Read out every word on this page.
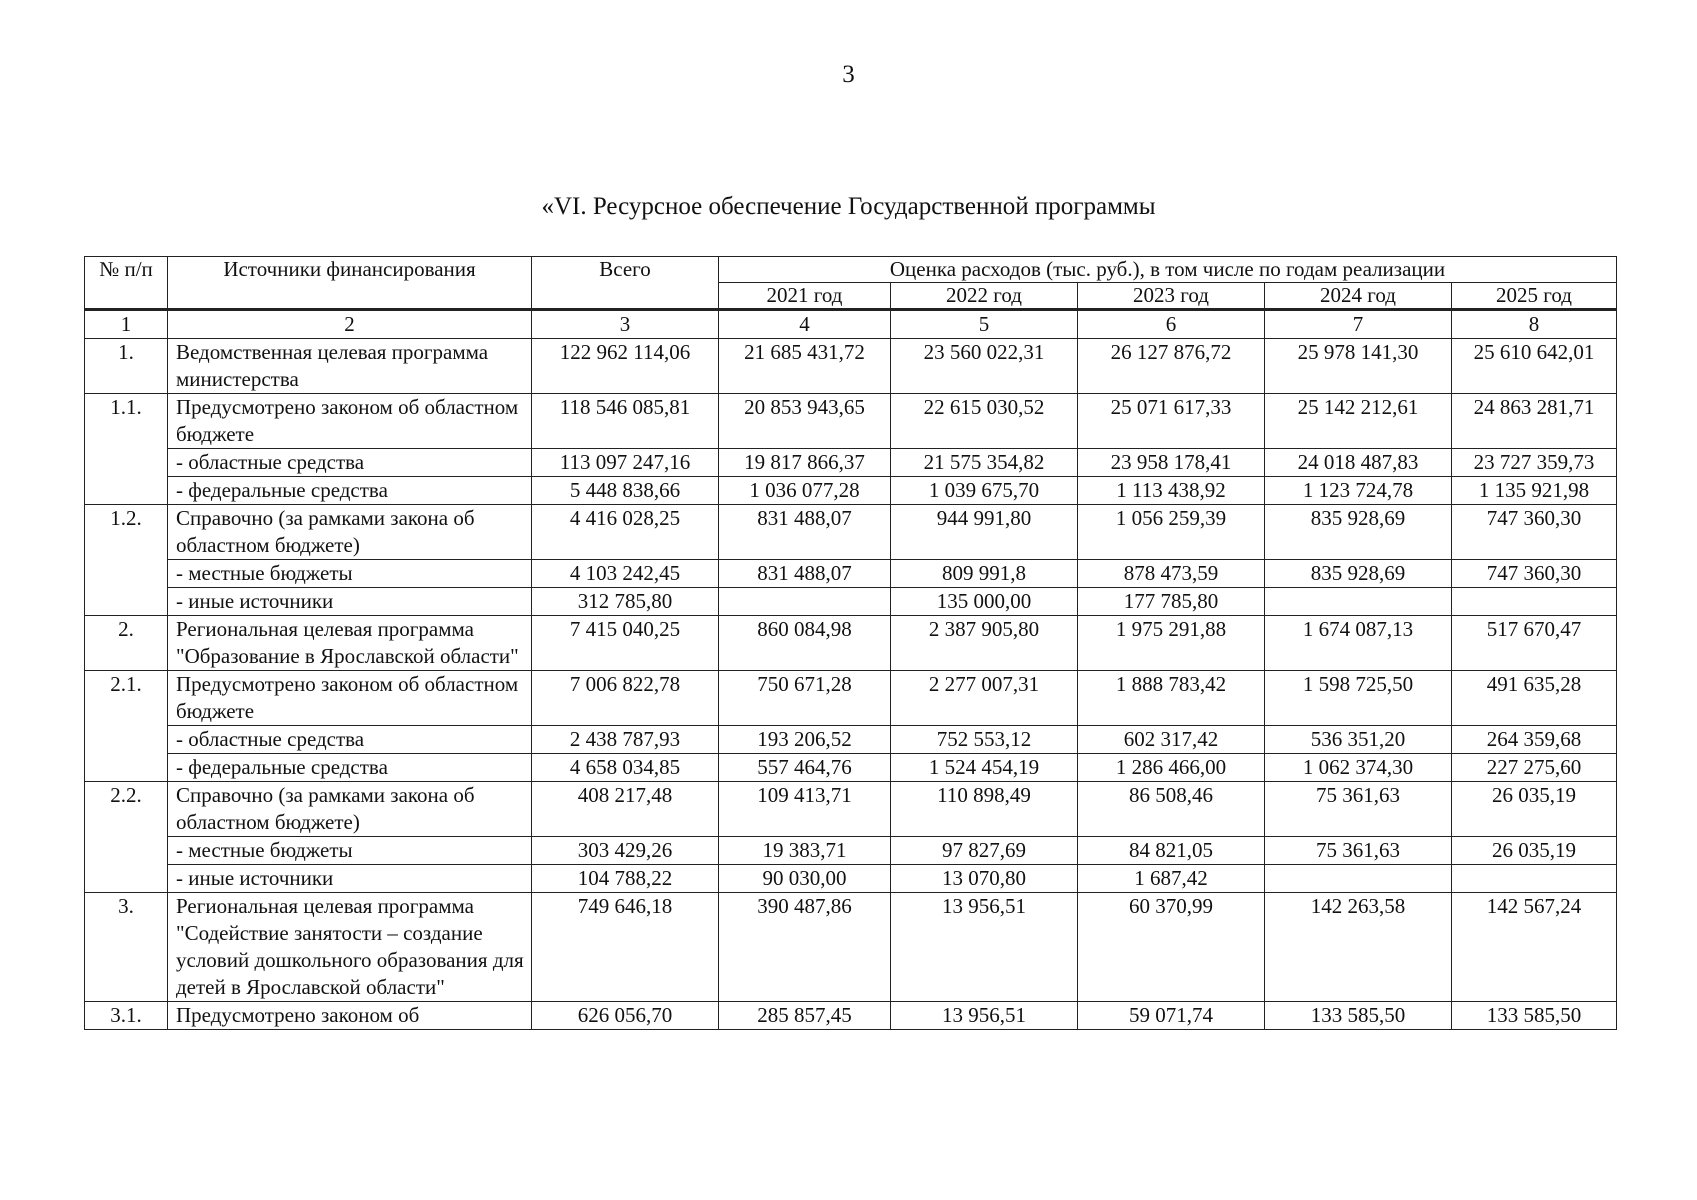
3
«VI. Ресурсное обеспечение Государственной программы
№ п/п	Источники финансирования	Всего	Оценка расходов (тыс. руб.), в том числе по годам реализации				
			2021 год	2022 год	2023 год	2024 год	2025 год
1	2	3	4	5	6	7	8
1.	Ведомственная целевая программа министерства	122 962 114,06	21 685 431,72	23 560 022,31	26 127 876,72	25 978 141,30	25 610 642,01
1.1.	Предусмотрено законом об областном бюджете	118 546 085,81	20 853 943,65	22 615 030,52	25 071 617,33	25 142 212,61	24 863 281,71
	- областные средства	113 097 247,16	19 817 866,37	21 575 354,82	23 958 178,41	24 018 487,83	23 727 359,73
	- федеральные средства	5 448 838,66	1 036 077,28	1 039 675,70	1 113 438,92	1 123 724,78	1 135 921,98
1.2.	Справочно (за рамками закона об областном бюджете)	4 416 028,25	831 488,07	944 991,80	1 056 259,39	835 928,69	747 360,30
	- местные бюджеты	4 103 242,45	831 488,07	809 991,8	878 473,59	835 928,69	747 360,30
	- иные источники	312 785,80		135 000,00	177 785,80		
2.	Региональная целевая программа "Образование в Ярославской области"	7 415 040,25	860 084,98	2 387 905,80	1 975 291,88	1 674 087,13	517 670,47
2.1.	Предусмотрено законом об областном бюджете	7 006 822,78	750 671,28	2 277 007,31	1 888 783,42	1 598 725,50	491 635,28
	- областные средства	2 438 787,93	193 206,52	752 553,12	602 317,42	536 351,20	264 359,68
	- федеральные средства	4 658 034,85	557 464,76	1 524 454,19	1 286 466,00	1 062 374,30	227 275,60
2.2.	Справочно (за рамками закона об областном бюджете)	408 217,48	109 413,71	110 898,49	86 508,46	75 361,63	26 035,19
	- местные бюджеты	303 429,26	19 383,71	97 827,69	84 821,05	75 361,63	26 035,19
	- иные источники	104 788,22	90 030,00	13 070,80	1 687,42		
3.	Региональная целевая программа "Содействие занятости – создание условий дошкольного образования для детей в Ярославской области"	749 646,18	390 487,86	13 956,51	60 370,99	142 263,58	142 567,24
3.1.	Предусмотрено законом об	626 056,70	285 857,45	13 956,51	59 071,74	133 585,50	133 585,50
